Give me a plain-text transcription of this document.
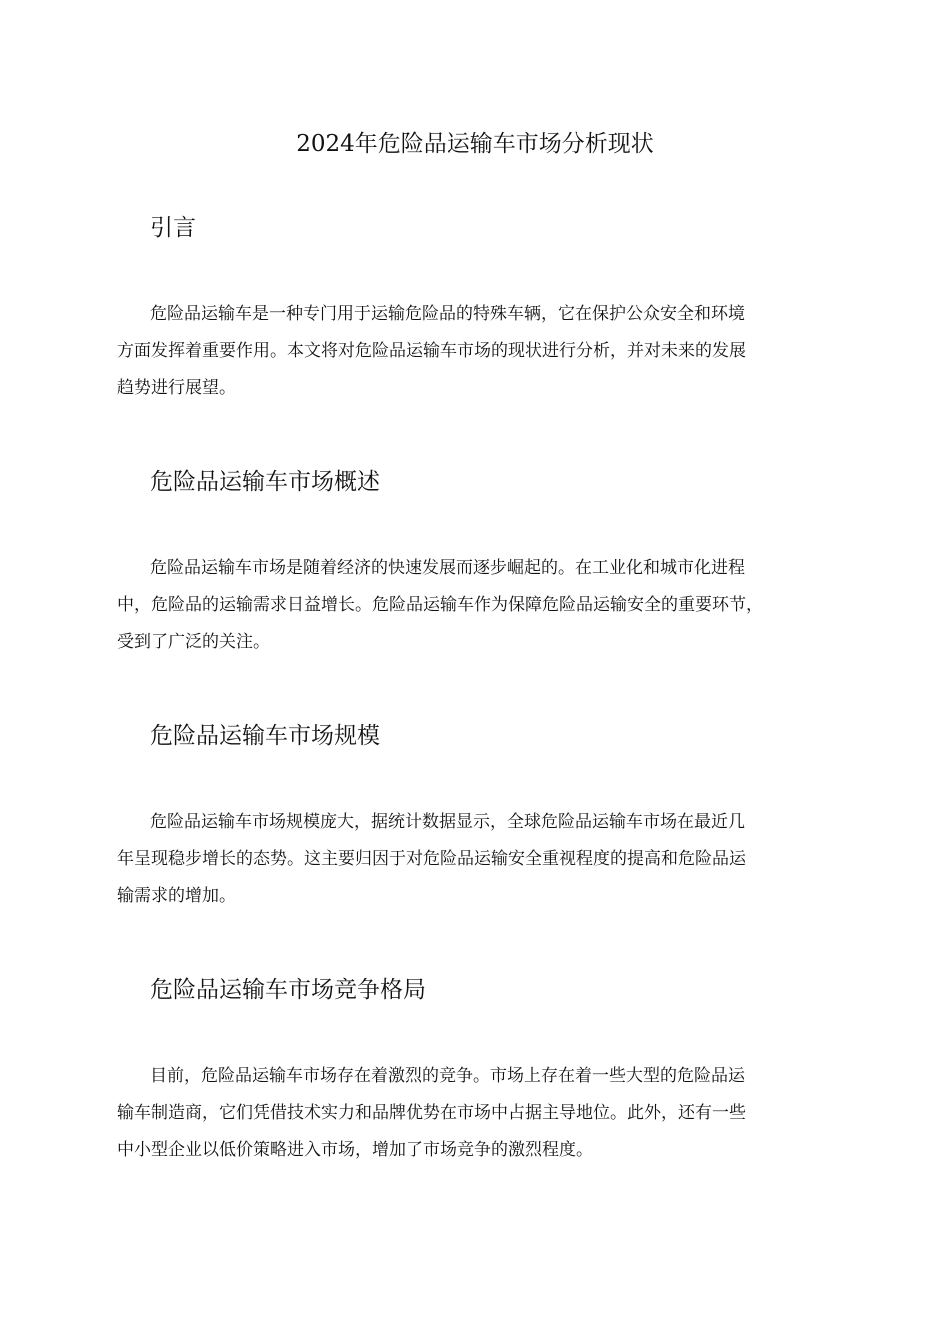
2024年危险品运输车市场分析现状
引言

危险品运输车是一种专门用于运输危险品的特殊车辆，它在保护公众安全和环境
方面发挥着重要作用。本文将对危险品运输车市场的现状进行分析，并对未来的发展
趋势进行展望。

危险品运输车市场概述

危险品运输车市场是随着经济的快速发展而逐步崛起的。在工业化和城市化进程
中，危险品的运输需求日益增长。危险品运输车作为保障危险品运输安全的重要环节，
受到了广泛的关注。

危险品运输车市场规模

危险品运输车市场规模庞大，据统计数据显示，全球危险品运输车市场在最近几
年呈现稳步增长的态势。这主要归因于对危险品运输安全重视程度的提高和危险品运
输需求的增加。

危险品运输车市场竞争格局

目前，危险品运输车市场存在着激烈的竞争。市场上存在着一些大型的危险品运
输车制造商，它们凭借技术实力和品牌优势在市场中占据主导地位。此外，还有一些
中小型企业以低价策略进入市场，增加了市场竞争的激烈程度。
